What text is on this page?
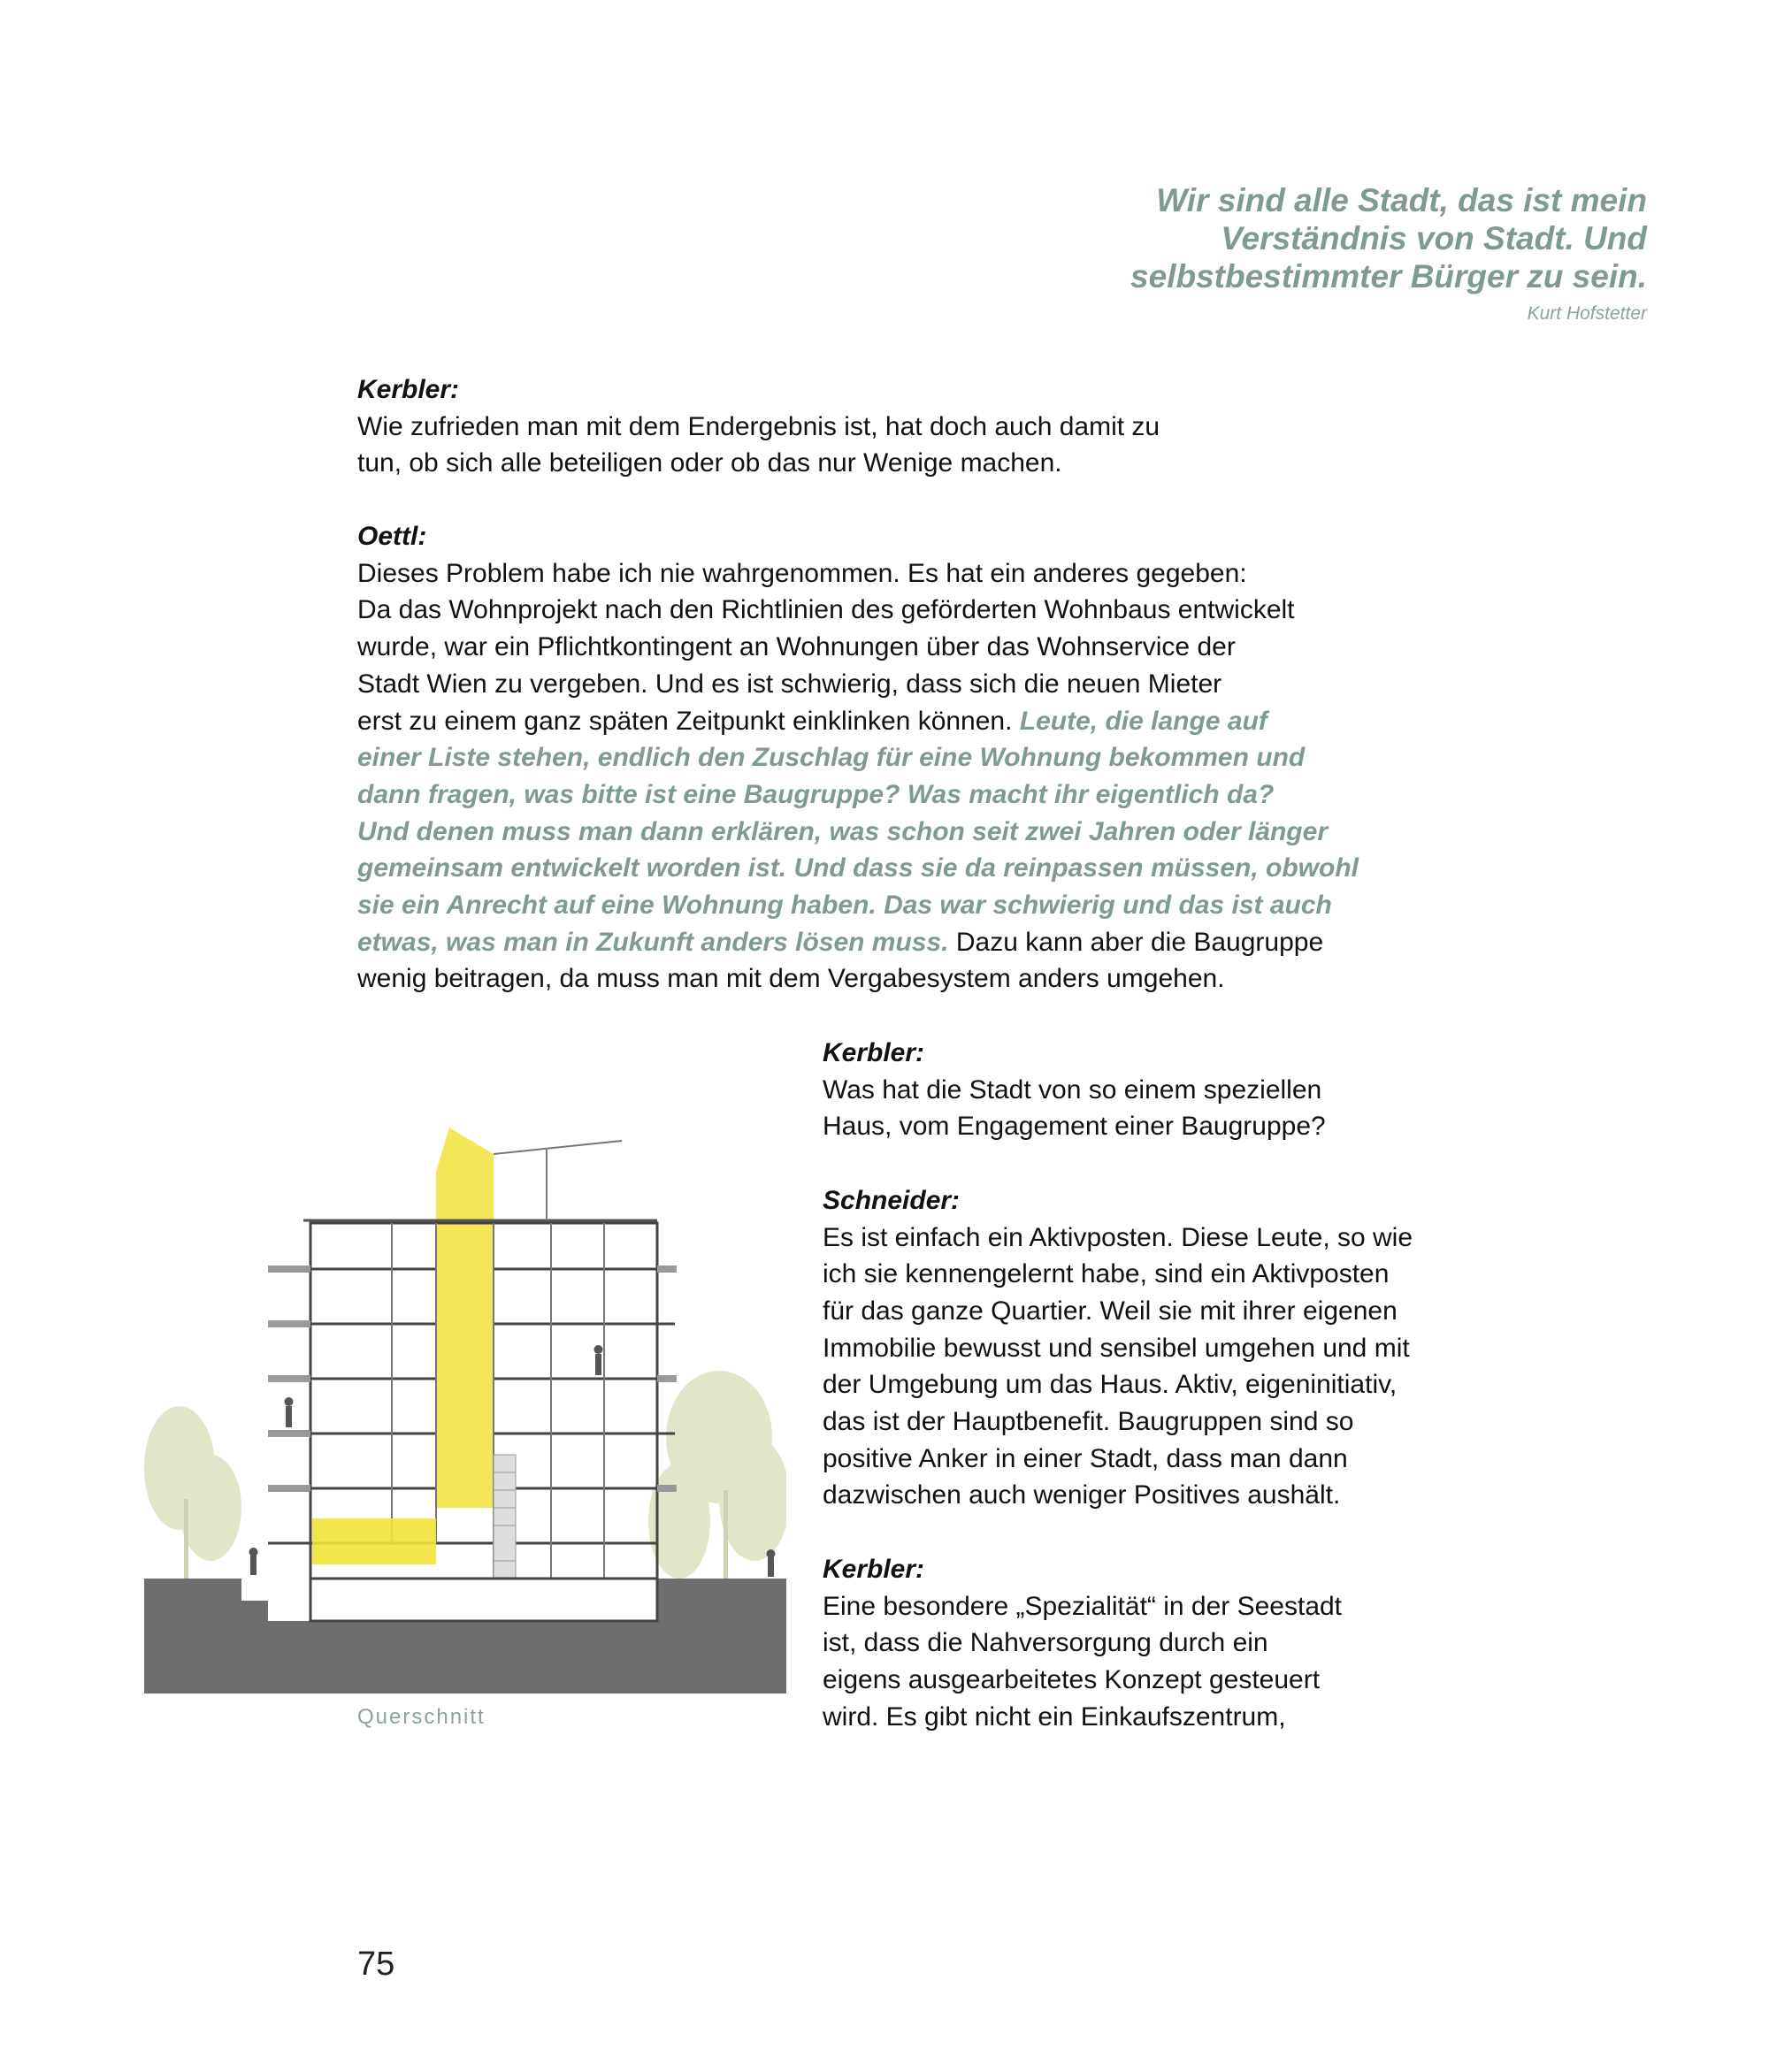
Wir sind alle Stadt, das ist mein
Verständnis von Stadt. Und
selbstbestimmter Bürger zu sein.
Kurt Hofstetter
Kerbler:
Wie zufrieden man mit dem Endergebnis ist, hat doch auch damit zu
tun, ob sich alle beteiligen oder ob das nur Wenige machen.
Oettl:
Dieses Problem habe ich nie wahrgenommen. Es hat ein anderes gegeben:
Da das Wohnprojekt nach den Richtlinien des geförderten Wohnbaus entwickelt
wurde, war ein Pflichtkontingent an Wohnungen über das Wohnservice der
Stadt Wien zu vergeben. Und es ist schwierig, dass sich die neuen Mieter
erst zu einem ganz späten Zeitpunkt einklinken können. Leute, die lange auf
einer Liste stehen, endlich den Zuschlag für eine Wohnung bekommen und
dann fragen, was bitte ist eine Baugruppe? Was macht ihr eigentlich da?
Und denen muss man dann erklären, was schon seit zwei Jahren oder länger
gemeinsam entwickelt worden ist. Und dass sie da reinpassen müssen, obwohl
sie ein Anrecht auf eine Wohnung haben. Das war schwierig und das ist auch
etwas, was man in Zukunft anders lösen muss. Dazu kann aber die Baugruppe
wenig beitragen, da muss man mit dem Vergabesystem anders umgehen.
Kerbler:
Was hat die Stadt von so einem speziellen
Haus, vom Engagement einer Baugruppe?

Schneider:
Es ist einfach ein Aktivposten. Diese Leute, so wie
ich sie kennengelernt habe, sind ein Aktivposten
für das ganze Quartier. Weil sie mit ihrer eigenen
Immobilie bewusst und sensibel umgehen und mit
der Umgebung um das Haus. Aktiv, eigeninitiativ,
das ist der Hauptbenefit. Baugruppen sind so
positive Anker in einer Stadt, dass man dann
dazwischen auch weniger Positives aushält.

Kerbler:
Eine besondere „Spezialität“ in der Seestadt
ist, dass die Nahversorgung durch ein
eigens ausgearbeitetes Konzept gesteuert
wird. Es gibt nicht ein Einkaufszentrum,
Querschnitt
75
